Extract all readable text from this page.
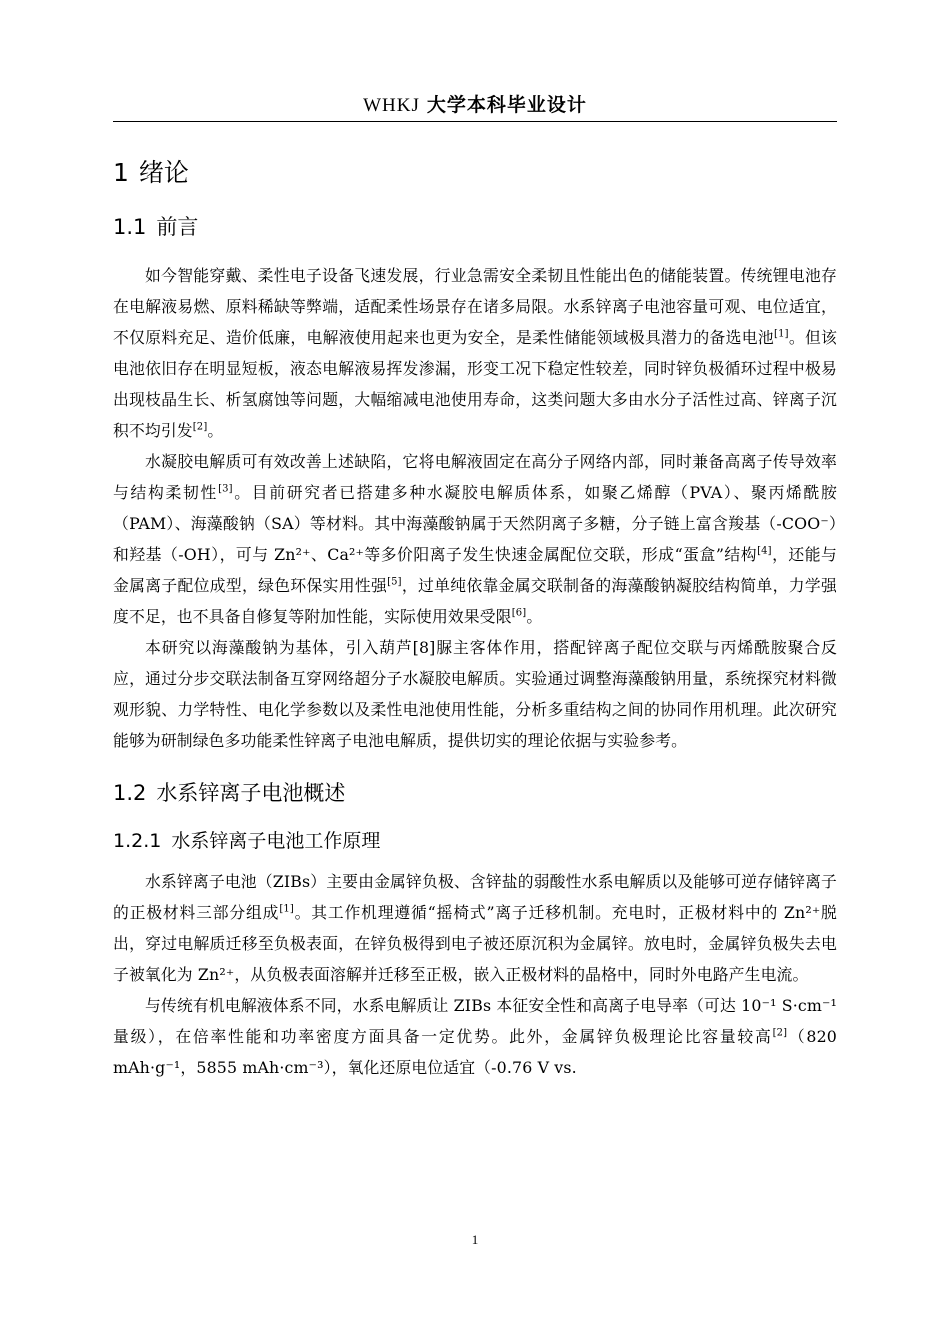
WHKJ 大学本科毕业设计
1 绪论
1.1 前言

如今智能穿戴、柔性电子设备飞速发展，行业急需安全柔韧且性能出色的储能装置。传统锂电池存在电解液易燃、原料稀缺等弊端，适配柔性场景存在诸多局限。水系锌离子电池容量可观、电位适宜，不仅原料充足、造价低廉，电解液使用起来也更为安全，是柔性储能领域极具潜力的备选电池[1]。但该电池依旧存在明显短板，液态电解液易挥发渗漏，形变工况下稳定性较差，同时锌负极循环过程中极易出现枝晶生长、析氢腐蚀等问题，大幅缩减电池使用寿命，这类问题大多由水分子活性过高、锌离子沉积不均引发[2]。

水凝胶电解质可有效改善上述缺陷，它将电解液固定在高分子网络内部，同时兼备高离子传导效率与结构柔韧性[3]。目前研究者已搭建多种水凝胶电解质体系，如聚乙烯醇（PVA）、聚丙烯酰胺（PAM）、海藻酸钠（SA）等材料。其中海藻酸钠属于天然阴离子多糖，分子链上富含羧基（-COO⁻）和羟基（-OH），可与 Zn²⁺、Ca²⁺等多价阳离子发生快速金属配位交联，形成“蛋盒”结构[4]，还能与金属离子配位成型，绿色环保实用性强[5]，过单纯依靠金属交联制备的海藻酸钠凝胶结构简单，力学强度不足，也不具备自修复等附加性能，实际使用效果受限[6]。

本研究以海藻酸钠为基体，引入葫芦[8]脲主客体作用，搭配锌离子配位交联与丙烯酰胺聚合反应，通过分步交联法制备互穿网络超分子水凝胶电解质。实验通过调整海藻酸钠用量，系统探究材料微观形貌、力学特性、电化学参数以及柔性电池使用性能，分析多重结构之间的协同作用机理。此次研究能够为研制绿色多功能柔性锌离子电池电解质，提供切实的理论依据与实验参考。

1.2 水系锌离子电池概述
1.2.1 水系锌离子电池工作原理

水系锌离子电池（ZIBs）主要由金属锌负极、含锌盐的弱酸性水系电解质以及能够可逆存储锌离子的正极材料三部分组成[1]。其工作机理遵循“摇椅式”离子迁移机制。充电时，正极材料中的 Zn²⁺脱出，穿过电解质迁移至负极表面，在锌负极得到电子被还原沉积为金属锌。放电时，金属锌负极失去电子被氧化为 Zn²⁺，从负极表面溶解并迁移至正极，嵌入正极材料的晶格中，同时外电路产生电流。

与传统有机电解液体系不同，水系电解质让 ZIBs 本征安全性和高离子电导率（可达 10⁻¹ S·cm⁻¹ 量级），在倍率性能和功率密度方面具备一定优势。此外，金属锌负极理论比容量较高[2]（820 mAh·g⁻¹，5855 mAh·cm⁻³），氧化还原电位适宜（-0.76 V vs.

1
